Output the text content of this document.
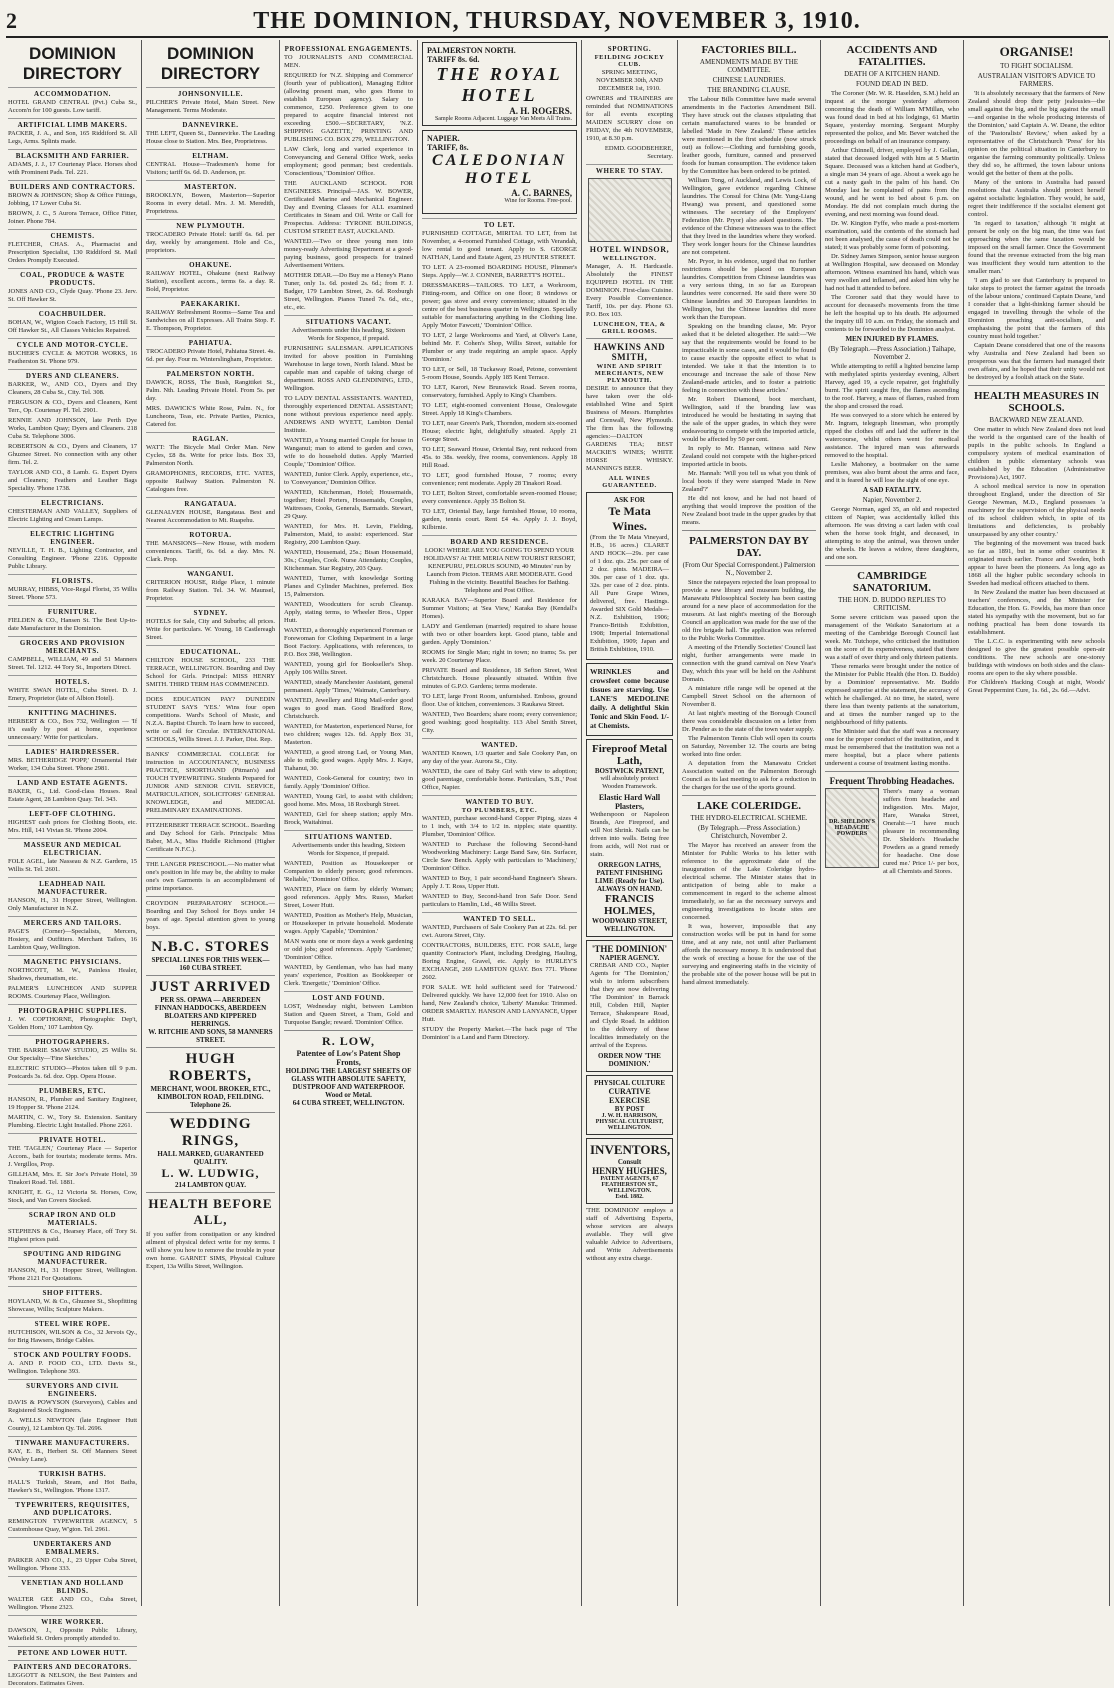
2	THE DOMINION, THURSDAY, NOVEMBER 3, 1910.
DOMINION DIRECTORY
ACCOMMODATION.

HOTEL GRAND CENTRAL (Pvt.) Cuba St., Accom'n for 100 guests. Low tariff.

ARTIFICIAL LIMB MAKERS.

PACKER, J. A., and Son, 165 Riddiford St. All Legs, Arms. Splints made.

BLACKSMITH AND FARRIER.

ADAMS, J. J., 17 Courtenay Place. Horses shod with Prominent Pads. Tel. 221.

BUILDERS AND CONTRACTORS.

BROWN & JOHNSON; Shop & Office Fittings, Jobbing, 17 Lower Cuba St.

BROWN, J. C., 5 Aurora Terrace, Office Fitter, Joiner. Phone 784.

CHEMISTS.

FLETCHER, CHAS. A., Pharmacist and Prescription Specialist, 130 Riddiford St. Mail Orders Promptly Executed.

COAL, PRODUCE & WASTE PRODUCTS.

JONES AND CO., Clyde Quay. 'Phone 23. Jerv. St. Off Hawker St.

COACHBUILDER.

BOHAN, W., Wigton Coach Factory, 15 Hill St. Off Hawker St., All Classes Vehicles Repaired.

CYCLE AND MOTOR-CYCLE.

BUCHER'S CYCLE & MOTOR WORKS, 16 Featherston St. 'Phone 979.

DYERS AND CLEANERS.

BARKER, W., AND CO., Dyers and Dry Cleaners, 28 Cuba St., City. Tel. 308.

FERGUSON & CO., Dyers and Cleaners, Kent Terr., Op. Courtenay Pl. Tel. 2901.

RENNIE AND JOHNSON, late Perth Dye Works, Lambton Quay; Dyers and Cleaners. 218 Cuba St. Telephone 3006.

ROBERTSON & CO., Dyers and Cleaners, 17 Ghuznee Street. No connection with any other firm. Tel. 2.

TAYLOR AND CO., 8 Lamb. G. Expert Dyers and Cleaners; Feathers and Leather Bags Speciality. 'Phone 1738.

ELECTRICIANS.

CHESTERMAN AND VALLEY, Suppliers of Electric Lighting and Cream Lamps.

ELECTRIC LIGHTING ENGINEER.

NEVILLE, T. H. B., Lighting Contractor, and Consulting Engineer. 'Phone 2216. Opposite Public Library.

FLORISTS.

MURRAY, HIBBS, Vice-Regal Florist, 35 Willis Street. 'Phone 573.

FURNITURE.

FIELDEN & CO., Hansen St. The Best Up-to-date Manufacturer in the Dominion.

GROCERS AND PROVISION MERCHANTS.

CAMPBELL, WILLIAM, 49 and 51 Manners Street. Tel. 1212. 44 Tory St., Importers Direct.

HOTELS.

WHITE SWAN HOTEL, Cuba Street. D. J. Emery, Proprietor (late of Albion Hotel).

KNITTING MACHINES.

HERBERT & CO., Box 732, Wellington — 'If it's easily by post at home, experience unnecessary.' Write for particulars.

LADIES' HAIRDRESSER.

MRS. BETHERIDGE 'POPP,' Ornamental Hair Worker, 134 Cuba Street. 'Phone 2981.

LAND AND ESTATE AGENTS.

BAKER, G., Ltd. Good-class Houses. Real Estate Agent, 28 Lambton Quay. Tel. 343.

LEFT-OFF CLOTHING.

HIGHEST cash prices for Clothing Boots, etc. Mrs. Hill, 141 Vivian St. 'Phone 2004.

MASSEUR AND MEDICAL ELECTRICIAN.

FOLE AGEL, late Nasseau & N.Z. Gardens, 15 Willis St. Tel. 2601.

LEADHEAD NAIL MANUFACTURER.

HANSON, H., 31 Hopper Street, Wellington. Only Manufacturer in N.Z.

MERCERS AND TAILORS.

PAGE'S (Corner)—Specialists, Mercers, Hosiery, and Outfitters. Merchant Tailors, 16 Lambton Quay, Wellington.

MAGNETIC PHYSICIANS.

NORTHCOTT, M. W., Painless Healer, Shadows, rheumatism, etc.

PALMER'S LUNCHEON AND SUPPER ROOMS. Courtenay Place, Wellington.

PHOTOGRAPHIC SUPPLIES.

J. W. COPTHORNE, Photographic Dep't, 'Golden Horn,' 107 Lambton Qy.

PHOTOGRAPHERS.

THE BARRIE SMAW STUDIO, 25 Willis St. Our Specialty—'Fine Sketches.'

ELECTRIC STUDIO—Photos taken till 9 p.m. Postcards 3s. 6d. doz. Opp. Opera House.

PLUMBERS, ETC.

HANSON, R., Plumber and Sanitary Engineer, 19 Hopper St. 'Phone 2124.

MARTIN, C. W., Tory St. Extension. Sanitary Plumbing. Electric Light Installed. Phone 2261.

PRIVATE HOTEL.

THE 'TAGLEN,' Courtenay Place — Superior Accom., bath for tourists; moderate terms. Mrs. J. Vergillos, Prop.

GILLHAM, Mrs. E. Sir Joe's Private Hotel, 39 Tinakori Road. Tel. 1881.

KNIGHT, E. G., 12 Victoria St. Horses, Cow, Stock, and Van Covers Stocked.

SCRAP IRON AND OLD MATERIALS.

STEPHENS & Co., Hearsey Place, off Tory St. Highest prices paid.

SPOUTING AND RIDGING MANUFACTURER.

HANSON, H., 31 Hopper Street, Wellington. 'Phone 2121 For Quotations.

SHOP FITTERS.

HOYLAND, W. & Co., Ghuznee St., Shopfitting Showcase, Willis; Sculpture Makers.

STEEL WIRE ROPE.

HUTCHISON, WILSON & Co., 32 Jervois Qy., for Brig Hawsers, Bridge Cables.

STOCK AND POULTRY FOODS.

A. AND P. FOOD CO., LTD. Davis St., Wellington. Telephone 393.

SURVEYORS AND CIVIL ENGINEERS.

DAVIS & POWYSON (Surveyors), Cables and Registered Stock Engineers.

A. WELLS NEWTON (late Engineer Hutt County), 12 Lambton Qy. Tel. 2696.

TINWARE MANUFACTURERS.

KAY, E. B., Herbert St. Off Manners Street (Wesley Lane).

TURKISH BATHS.

HALL'S Turkish, Steam, and Hot Baths, Hawker's St., Wellington. 'Phone 1317.

TYPEWRITERS, REQUISITES, AND DUPLICATORS.

REMINGTON TYPEWRITER AGENCY, 5 Customhouse Quay, W'gton. Tel. 2961.

UNDERTAKERS AND EMBALMERS.

PARKER AND CO., J., 23 Upper Cuba Street, Wellington. 'Phone 333.

VENETIAN AND HOLLAND BLINDS.

WALTER GEE AND CO., Cuba Street, Wellington. 'Phone 2323.

WIRE WORKER.

DAWSON, J., Opposite Public Library, Wakefield St. Orders promptly attended to.

PETONE AND LOWER HUTT.
PAINTERS AND DECORATORS.

LEGGOTT & NELSON, the Best Painters and Decorators. Estimates Given.

DOMINION DIRECTORY
JOHNSONVILLE.

PILCHER'S Private Hotel, Main Street. New Management. Terms Moderate.

DANNEVIRKE.

THE LEFT, Queen St., Dannevirke. The Leading House close to Station. Mrs. Bee, Proprietress.

ELTHAM.

CENTRAL House—Tradesmen's home for Visitors; tariff 6s. 6d. D. Anderson, pr.

MASTERTON.

BROOKLYN, Bowen, Masterton—Superior Rooms in every detail. Mrs. J. M. Meredith, Proprietress.

NEW PLYMOUTH.

TROCADERO Private Hotel: tariff 6s. 6d. per day, weekly by arrangement. Hole and Co., proprietors.

OHAKUNE.

RAILWAY HOTEL, Ohakune (next Railway Station), excellent accom., terms 6s. a day. R. Bold, Proprietor.

PAEKAKARIKI.

RAILWAY Refreshment Rooms—Same Tea and Sandwiches on all Expresses. All Trains Stop. F. E. Thompson, Proprietor.

PAHIATUA.

TROCADERO Private Hotel, Pahiatua Street. 4s. 6d. per day. Four m. Winterslingham, Proprietor.

PALMERSTON NORTH.

DAWICK, ROSS, The Bush, Rangitikei St., Palm. Nth. Leading Private Hotel. From 5s. per day.

MRS. DAWICK'S White Rose, Palm. N., for Luncheons, Teas, etc. Private Parties, Picnics, Catered for.

RAGLAN.

WATT: The Bicycle Mail Order Man. New Cycles, £8 8s. Write for price lists. Box 33, Palmerston North.

GRAMOPHONES, RECORDS, ETC. YATES, opposite Railway Station. Palmerston N. Catalogues free.

RANGATAUA.

GLENALVEN HOUSE, Rangataua. Best and Nearest Accommodation to Mt. Ruapehu.

ROTORUA.

THE MANSIONS—New House, with modern conveniences. Tariff, 6s. 6d. a day. Mrs. N. Clark. Prop.

WANGANUI.

CRITERION HOUSE, Ridge Place, 1 minute from Railway Station. Tel. 34. W. Maunsel, Proprietor.

SYDNEY.

HOTELS for Sale, City and Suburbs; all prices. Write for particulars. W. Young, 18 Castlereagh Street.

EDUCATIONAL.

CHILTON HOUSE SCHOOL, 233 THE TERRACE, WELLINGTON. Boarding and Day School for Girls. Principal: MISS HENRY SMITH. THIRD TERM HAS COMMENCED.

DOES EDUCATION PAY? DUNEDIN STUDENT SAYS 'YES.' Wins four open competitions. Ward's School of Music, and N.Z.A. Baptist Church. To learn how to succeed, write or call for Circular. INTERNATIONAL SCHOOLS, Willis Street. J. J. Parker, Dist. Rep.

BANKS' COMMERCIAL COLLEGE for instruction in ACCOUNTANCY, BUSINESS PRACTICE, SHORTHAND (Pitman's) and TOUCH TYPEWRITING. Students Prepared for JUNIOR AND SENIOR CIVIL SERVICE, MATRICULATION, SOLICITORS' GENERAL KNOWLEDGE, and MEDICAL PRELIMINARY EXAMINATIONS.

FITZHERBERT TERRACE SCHOOL. Boarding and Day School for Girls. Principals: Miss Baber, M.A., Miss Huddle Richmond (Higher Certificate N.F.C.).

THE LANGER PRESCHOOL.—No matter what one's position in life may be, the ability to make one's own Garments is an accomplishment of prime importance.

CROYDON PREPARATORY SCHOOL.—Boarding and Day School for Boys under 14 years of age. Special attention given to young boys.

N.B.C. STORES
SPECIAL LINES FOR THIS WEEK—
160 CUBA STREET.
JUST ARRIVED
PER SS. OPAWA — ABERDEEN FINNAN HADDOCKS, ABERDEEN BLOATERS AND KIPPERED HERRINGS.
W. RITCHIE AND SONS, 58 MANNERS STREET.
HUGH ROBERTS,
MERCHANT, WOOL BROKER, ETC., KIMBOLTON ROAD, FEILDING.
Telephone 26.
WEDDING RINGS,
HALL MARKED, GUARANTEED QUALITY.
L. W. LUDWIG,
214 LAMBTON QUAY.
HEALTH BEFORE ALL,

If you suffer from constipation or any kindred ailment of physical defect write for my terms. I will show you how to remove the trouble in your own home. GARNET SIMS, Physical Culture Expert, 13a Willis Street, Wellington.

PROFESSIONAL ENGAGEMENTS.

TO JOURNALISTS AND COMMERCIAL MEN.

REQUIRED for 'N.Z. Shipping and Commerce' (fourth year of publication), Managing Editor (allowing present man, who goes Home to establish European agency). Salary to commence, £250. Preference given to one prepared to acquire financial interest not exceeding £500.—SECRETARY, 'N.Z. SHIPPING GAZETTE,' PRINTING AND PUBLISHING CO. BOX 279, WELLINGTON.

LAW Clerk, long and varied experience in Conveyancing and General Office Work, seeks employment; good penman; best credentials. 'Conscientious,' 'Dominion' Office.

THE AUCKLAND SCHOOL FOR ENGINEERS. Principal—JAS. W. BOWER, Certificated Marine and Mechanical Engineer. Day and Evening Classes for ALL examined Certificates in Steam and Oil. Write or Call for Prospectus. Address: TYRONE BUILDINGS, CUSTOM STREET EAST, AUCKLAND.

WANTED.—Two or three young men into money-ready Advertising Department at a good-paying business, good prospects for trained Advertisement Writers.

MOTHER DEAR.—Do Buy me a Heney's Piano Tuner, only 1s. 6d. posted 2s. 6d.; from F. J. Badger, 179 Lambton Street, 2s. 6d. Roxburgh Street, Wellington. Pianos Tuned 7s. 6d., etc., etc., etc.

SITUATIONS VACANT.

Advertisements under this heading, Sixteen Words for Sixpence, if prepaid.

FURNISHING SALESMAN. APPLICATIONS invited for above position in Furnishing Warehouse in large town, North Island. Must be capable man and capable of taking charge of department. ROSS AND GLENDINING, LTD., Wellington.

TO LADY DENTAL ASSISTANTS. WANTED, thoroughly experienced DENTAL ASSISTANT; none without previous experience need apply. ANDREWS AND WYETT, Lambton Dental Institute.

WANTED, a Young married Couple for house in Wanganui; man to attend to garden and cows, wife to do household duties. Apply 'Married Couple,' 'Dominion' Office.

WANTED, Junior Clerk. Apply, experience, etc., to 'Conveyancer,' Dominion Office.

WANTED, Kitchenman, Hotel; Housemaids, together; Hotel Porters, Housemaids, Couples, Waitresses, Cooks, Generals, Barmaids. Stewart, 29 Quay.

WANTED, for Mrs. H. Levin, Fielding, Palmerston, Maid, to assist: experienced. Star Registry, 200 Lambton Quay.

WANTED, Housemaid, 25s.; Bisan Housemaid, 30s.; Couples, Cook. Nurse Attendants; Couples, Kitchenman. Star Registry, 203 Quay.

WANTED, Turner, with knowledge Sorting Planes and Cylinder Machines, preferred. Box 15, Palmerston.

WANTED, Woodcutters for scrub Cleanup. Apply, stating terms, to Wheeler Bros., Upper Hutt.

WANTED, a thoroughly experienced Foreman or Forewoman for Clothing Department in a large Boot Factory. Applications, with references, to P.O. Box 398, Wellington.

WANTED, young girl for Bookseller's Shop. Apply 106 Willis Street.

WANTED, steady Manchester Assistant, general permanent. Apply 'Times,' Waimate, Canterbury.

WANTED, Jewellery and Ring Mail-order good wages to good man. Good Bradford Row, Christchurch.

WANTED, for Masterton, experienced Nurse, for two children; wages 12s. 6d. Apply Box 31, Masterton.

WANTED, a good strong Lad, or Young Man, able to milk; good wages. Apply Mrs. J. Kaye, Tiahanui, 30.

WANTED, Cook-General for country; two in family. Apply 'Dominion' Office.

WANTED, Young Girl, to assist with children; good home. Mrs. Moss, 18 Roxburgh Street.

WANTED, Girl for sheep station; apply Mrs. Brock, Waitahinui.

SITUATIONS WANTED.

Advertisements under this heading, Sixteen Words for Sixpence, if prepaid.

WANTED, Position as Housekeeper or Companion to elderly person; good references. 'Reliable,' 'Dominion' Office.

WANTED, Place on farm by elderly Woman; good references. Apply Mrs. Russo, Market Street, Lower Hutt.

WANTED, Position as Mother's Help, Musician, or Housekeeper in private household. Moderate wages. Apply 'Capable,' 'Dominion.'

MAN wants one or more days a week gardening or odd jobs; good references. Apply 'Gardener,' 'Dominion' Office.

WANTED, by Gentleman, who has had many years' experience, Position as Bookkeeper or Clerk. 'Energetic,' 'Dominion' Office.

LOST AND FOUND.

LOST, Wednesday night, between Lambton Station and Queen Street, a Tram, Gold and Turquoise Bangle; reward. 'Dominion' Office.

R. LOW,
Patentee of Low's Patent Shop Fronts,
HOLDING THE LARGEST SHEETS OF GLASS WITH ABSOLUTE SAFETY, DUSTPROOF AND WATERPROOF. Wood or Metal.
64 CUBA STREET, WELLINGTON.
PALMERSTON NORTH.
TARIFF 8s. 6d.
THE ROYAL HOTEL
A. H. ROGERS.
Sample Rooms Adjacent. Luggage Van Meets All Trains.
NAPIER.
TARIFF, 8s.
CALEDONIAN HOTEL
A. C. BARNES,
Wine for Rooms. Free-pool.
TO LET.

FURNISHED COTTAGE, MIRITAI. TO LET, from 1st November, a 4-roomed Furnished Cottage, with Verandah, low rental to good tenant. Apply to S. GEORGE NATHAN, Land and Estate Agent, 23 HUNTER STREET.

TO LET. A 23-roomed BOARDING HOUSE, Plimmer's Steps. Apply—W. J. CONNER, BARRETT'S HOTEL.

DRESSMAKERS—TAILORS. TO LET, a Workroom, Fitting-room, and Office on one floor; 8 windows or power; gas stove and every convenience; situated in the centre of the best business quarter in Wellington. Specially suitable for manufacturing anything in the Clothing line. Apply 'Motor Fawcett,' 'Dominion' Office.

TO LET, 2 large Workrooms and Yard, at Oliver's Lane, behind Mr. F. Cohen's Shop, Willis Street, suitable for Plumber or any trade requiring an ample space. Apply 'Dominion.'

TO LET, or Sell, 18 Tuckaway Road, Petone, convenient 5-room House, Sounds. Apply 185 Kent Terrace.

TO LET, Karori, New Brunswick Road. Seven rooms, conservatory, furnished. Apply to King's Chambers.

TO LET, eight-roomed convenient House, Onslowgate Street. Apply 18 King's Chambers.

TO LET, near Green's Park, Thorndon, modern six-roomed House; electric light, delightfully situated. Apply 21 George Street.

TO LET, Seaward House, Oriental Bay, rent reduced from 45s. to 38s. weekly, five rooms, conveniences. Apply 18 Hill Road.

TO LET, good furnished House, 7 rooms; every convenience; rent moderate. Apply 28 Tinakori Road.

TO LET, Bolton Street, comfortable seven-roomed House; every convenience. Apply 35 Bolton St.

TO LET, Oriental Bay, large furnished House, 10 rooms, garden, tennis court. Rent £4 4s. Apply J. J. Boyd, Kilbirnie.

BOARD AND RESIDENCE.

LOOK! WHERE ARE YOU GOING TO SPEND YOUR HOLIDAYS? At THE MERIA NEW TOURIST RESORT, KENEPURU, PELORUS SOUND, 40 Minutes' run by Launch from Picton. TERMS ARE MODERATE. Good Fishing in the vicinity. Beautiful Beaches for Bathing. Telephone and Post Office.

KARAKA BAY—Superior Board and Residence for Summer Visitors; at 'Sea View,' Karaka Bay (Kendall's Homes).

LADY and Gentleman (married) required to share house with two or other boarders kept. Good piano, table and garden. Apply 'Dominion.'

ROOMS for Single Man; right in town; no trams; 5s. per week. 20 Courtenay Place.

PRIVATE Board and Residence, 18 Sefton Street, West Christchurch. House pleasantly situated. Within five minutes of G.P.O. Gardens; terms moderate.

TO LET, large Front Room, unfurnished. Emboss, ground floor. Use of kitchen, conveniences. 3 Raukawa Street.

WANTED, Two Boarders; share room; every convenience; good washing; good hospitality. 113 Abel Smith Street, City.

WANTED.

WANTED Known, 1/3 quarter and Sale Cookery Pan, on any day of the year. Aurora St., City.

WANTED, the care of Baby Girl with view to adoption; good parentage, comfortable home. Particulars, 'S.B.,' Post Office, Napier.

WANTED TO BUY.
TO PLUMBERS, ETC.

WANTED, purchase second-hand Copper Piping, sizes 4 to 1 inch, with 3/4 to 1/2 in. nipples; state quantity. Plumber, 'Dominion' Office.

WANTED to Purchase the following Second-hand Woodworking Machinery: Large Band Saw, 6in. Surfacer, Circle Saw Bench. Apply with particulars to 'Machinery,' 'Dominion' Office.

WANTED to Buy, 1 pair second-hand Engineer's Shears. Apply J. T. Ross, Upper Hutt.

WANTED to Buy, Second-hand Iron Safe Door. Send particulars to Hamlin, Ltd., 48 Willis Street.

WANTED TO SELL.

WANTED, Purchasers of Sale Cookery Pan at 22s. 6d. per cwt. Aurora Street, City.

CONTRACTORS, BUILDERS, ETC. FOR SALE, large quantity Contractor's Plant, including Dredging, Hauling, Boring Engine, Gravel, etc. Apply to HURLEY'S EXCHANGE, 269 LAMBTON QUAY. Box 771. 'Phone 2602.

FOR SALE. WE hold sufficient seed for 'Fairwood.' Delivered quickly. We have 12,000 feet for 1910. Also on hand, New Zealand's choice, 'Liberty' Manuka: Trimmed. ORDER SMARTLY. HANSON AND LANYANCE, Upper Hutt.

STUDY the Property Market.—The back page of 'The Dominion' is a Land and Farm Directory.

SPORTING.
FEILDING JOCKEY CLUB.

SPRING MEETING, NOVEMBER 30th, AND DECEMBER 1st, 1910.

OWNERS and TRAINERS are reminded that NOMINATIONS for all events excepting MAIDEN SCURRY close on FRIDAY, the 4th NOVEMBER, 1910, at 8.30 p.m.

EDMD. GOODBEHERE, Secretary.

WHERE TO STAY.
HOTEL WINDSOR,
WELLINGTON.

Manager, A. H. Hardcastle. Absolutely the FINEST EQUIPPED HOTEL IN THE DOMINION. First-class Cuisine. Every Possible Convenience. Tariff, 10s. per day. Phone 63. P.O. Box 103.

LUNCHEON, TEA, & GRILL ROOMS.
HAWKINS AND SMITH,
WINE AND SPIRIT MERCHANTS, NEW PLYMOUTH.

DESIRE to announce that they have taken over the old-established Wine and Spirit Business of Messrs. Humphries and Cornwall, New Plymouth. The firm has the following agencies:—DALTON GARDENS TEA; BEST MACKIE'S WINES; WHITE HORSE WHISKY. MANNING'S BEER.

ALL WINES GUARANTEED.
ASK FOR
Te Mata Wines.

(From the Te Mata Vineyard, H.B., 16 acres.) CLARET AND HOCK—29s. per case of 1 doz. qts. 25s. per case of 2 doz. pints. MADEIRA—30s. per case of 1 doz. qts. 32s. per case of 2 doz. pints. All Pure Grape Wines, delivered, free. Hastings. Awarded SIX Gold Medals—N.Z. Exhibition, 1906; Franco-British Exhibition, 1908; Imperial International Exhibition, 1909; Japan and British Exhibition, 1910.

WRINKLES and crowsfeet come because tissues are starving. Use LANE'S MEDOLINE daily. A delightful Skin Tonic and Skin Food. 1/- at Chemists.

Fireproof Metal Lath,
BOSTWICK PATENT,

will absolutely protect Wooden Framework.

Elastic Hard Wall Plasters,

Wetherspoon or Napoleon Brands, Are Fireproof, and will Not Shrink. Nails can be driven into walls. Being free from acids, will Not rust or stain.

ORREGON LATHS, PATENT FINISHING LIME (Ready for Use).
ALWAYS ON HAND.
FRANCIS HOLMES,
WOODWARD STREET, WELLINGTON.
'THE DOMINION'
NAPIER AGENCY.

CREBAR AND CO., Napier Agents for 'The Dominion,' wish to inform subscribers that they are now delivering 'The Dominion' in Barrack Hill, Cobden Hill, Napier Terrace, Shakespeare Road, and Clyde Road. In addition to the delivery of these localities immediately on the arrival of the Express.

ORDER NOW 'THE DOMINION.'
PHYSICAL CULTURE
CURATIVE EXERCISE
BY POST
J. W. H. HARRISON, PHYSICAL CULTURIST, WELLINGTON.
INVENTORS,
Consult
HENRY HUGHES,
PATENT AGENTS, 67 FEATHERSTON ST., WELLINGTON.
Estd. 1882.

'THE DOMINION' employs a staff of Advertising Experts, whose services are always available. They will give valuable Advice to Advertisers, and Write Advertisements without any extra charge.

FACTORIES BILL.
AMENDMENTS MADE BY THE COMMITTEE.
CHINESE LAUNDRIES.
THE BRANDING CLAUSE.

The Labour Bills Committee have made several amendments in the Factories Amendment Bill. They have struck out the clauses stipulating that certain manufactured wares to be branded or labelled 'Made in New Zealand.' These articles were mentioned in the first schedule (now struck out) as follow:—Clothing and furnishing goods, leather goods, furniture, canned and preserved foods for human consumption. The evidence taken by the Committee has been ordered to be printed.

William Tong, of Auckland, and Lewis Lock, of Wellington, gave evidence regarding Chinese laundries. The Consul for China (Mr. Yung-Liang Hwang) was present, and questioned some witnesses. The secretary of the Employers' Federation (Mr. Pryor) also asked questions. The evidence of the Chinese witnesses was to the effect that they lived in the laundries where they worked. They work longer hours for the Chinese laundries are not competent.

Mr. Pryor, in his evidence, urged that no further restrictions should be placed on European laundries. Competition from Chinese laundries was a very serious thing, in so far as European laundries were concerned. He said there were 30 Chinese laundries and 30 European laundries in Wellington, but the Chinese laundries did more work than the European.

Speaking on the branding clause, Mr. Pryor asked that it be deleted altogether. He said:—'We say that the requirements would be found to be impracticable in some cases, and it would be found to cause exactly the opposite effect to what is intended. We take it that the intention is to encourage and increase the sale of those New Zealand-made articles, and to foster a patriotic feeling in connection with these articles.'

Mr. Robert Diamond, boot merchant, Wellington, said if the branding law was introduced he would be hesitating in saying that the sale of the upper grades, in which they were endeavouring to compete with the imported article, would be affected by 50 per cent.

In reply to Mr. Hannan, witness said New Zealand could not compete with the higher-priced imported article in boots.

Mr. Hannah: 'Will you tell us what you think of local boots if they were stamped 'Made in New Zealand'?'

He did not know, and he had not heard of anything that would improve the position of the New Zealand boot trade in the upper grades by that means.

PALMERSTON DAY BY DAY.
(From Our Special Correspondent.) Palmerston N., November 2.

Since the ratepayers rejected the loan proposal to provide a new library and museum building, the Manawatu Philosophical Society has been casting around for a new place of accommodation for the museum. At last night's meeting of the Borough Council an application was made for the use of the old fire brigade hall. The application was referred to the Public Works Committee.

A meeting of the Friendly Societies' Council last night, further arrangements were made in connection with the grand carnival on New Year's Day, which this year will be held on the Ashhurst Domain.

A miniature rifle range will be opened at the Campbell Street School on the afternoon of November 8.

At last night's meeting of the Borough Council there was considerable discussion on a letter from Dr. Pender as to the state of the town water supply.

The Palmerston Tennis Club will open its courts on Saturday, November 12. The courts are being worked into fine order.

A deputation from the Manawatu Cricket Association waited on the Palmerston Borough Council as its last meeting to ask for a reduction in the charges for the use of the sports ground.

LAKE COLERIDGE.
THE HYDRO-ELECTRICAL SCHEME.
(By Telegraph.—Press Association.) Christchurch, November 2.

The Mayor has received an answer from the Minister for Public Works to his letter with reference to the approximate date of the inauguration of the Lake Coleridge hydro-electrical scheme. The Minister states that in anticipation of being able to make a commencement in regard to the scheme almost immediately, so far as the necessary surveys and engineering investigations to locate sites are concerned.

It was, however, impossible that any construction works will be put in hand for some time, and at any rate, not until after Parliament affords the necessary money. It is understood that the work of erecting a house for the use of the surveying and engineering staffs in the vicinity of the probable site of the power house will be put in hand almost immediately.

ACCIDENTS AND FATALITIES.
DEATH OF A KITCHEN HAND.
FOUND DEAD IN BED.

The Coroner (Mr. W. R. Haselden, S.M.) held an inquest at the morgue yesterday afternoon concerning the death of William M'Millan, who was found dead in bed at his lodgings, 61 Martin Square, yesterday morning. Sergeant Murphy represented the police, and Mr. Bever watched the proceedings on behalf of an insurance company.

Arthur Chinnell, driver, employed by J. Gollan, stated that deceased lodged with him at 5 Martin Square. Deceased was a kitchen hand at Godber's, a single man 34 years of age. About a week ago he cut a nasty gash in the palm of his hand. On Monday last he complained of pains from the wound, and he went to bed about 6 p.m. on Monday. He did not complain much during the evening, and next morning was found dead.

Dr. W. Kington Fyffe, who made a post-mortem examination, said the contents of the stomach had not been analysed, the cause of death could not be stated; it was probably some form of poisoning.

Dr. Sidney James Simpson, senior house surgeon at Wellington Hospital, saw deceased on Monday afternoon. Witness examined his hand, which was very swollen and inflamed, and asked him why he had not had it attended to before.

The Coroner said that they would have to account for deceased's movements from the time he left the hospital up to his death. He adjourned the inquiry till 10 a.m. on Friday, the stomach and contents to be forwarded to the Dominion analyst.

MEN INJURED BY FLAMES.
(By Telegraph.—Press Association.) Taihape, November 2.

While attempting to refill a lighted benzine lamp with methylated spirits yesterday evening, Albert Harvey, aged 19, a cycle repairer, got frightfully burnt. The spirit caught fire, the flames ascending to the roof. Harvey, a mass of flames, rushed from the shop and crossed the road.

He was conveyed to a store which he entered by Mr. Ingram, telegraph linesman, who promptly ripped the clothes off and laid the sufferer in the watercourse, whilst others went for medical assistance. The injured man was afterwards removed to the hospital.

Leslie Mahoney, a bootmaker on the same premises, was also burnt about the arms and face, and it is feared he will lose the sight of one eye.

A SAD FATALITY.
Napier, November 2.

George Norman, aged 35, an old and respected citizen of Napier, was accidentally killed this afternoon. He was driving a cart laden with coal when the horse took fright, and deceased, in attempting to stop the animal, was thrown under the wheels. He leaves a widow, three daughters, and one son.

CAMBRIDGE SANATORIUM.
THE HON. D. BUDDO REPLIES TO CRITICISM.

Some severe criticism was passed upon the management of the Waikato Sanatorium at a meeting of the Cambridge Borough Council last week. Mr. Tutchope, who criticised the institution on the score of its expensiveness, stated that there was a staff of over thirty and only thirteen patients.

These remarks were brought under the notice of the Minister for Public Health (the Hon. D. Buddo) by a Dominion' representative. Mr. Buddo expressed surprise at the statement, the accuracy of which he challenged. At no time, he stated, were there less than twenty patients at the sanatorium, and at times the number ranged up to the neighbourhood of fifty patients.

The Minister said that the staff was a necessary one for the proper conduct of the institution, and it must be remembered that the institution was not a mere hospital, but a place where patients underwent a course of treatment lasting months.

Frequent Throbbing Headaches.
DR. SHELDON'S HEADACHE POWDERS

There's many a woman suffers from headache and indigestion. Mrs. Major, Hare, Wanaka Street, Onerahi:—'I have much pleasure in recommending Dr. Sheldon's Headache Powders as a grand remedy for headache. One dose cured me.' Price 1/- per box, at all Chemists and Stores.

ORGANISE!
TO FIGHT SOCIALISM.
AUSTRALIAN VISITOR'S ADVICE TO FARMERS.

'It is absolutely necessary that the farmers of New Zealand should drop their petty jealousies—the small against the big, and the big against the small—and organise in the whole producing interests of the Dominion,' said Captain A. W. Deane, the editor of the 'Pastoralists' Review,' when asked by a representative of the Christchurch 'Press' for his opinion on the political situation in Canterbury to organise the farming community politically. Unless they did so, he affirmed, the town labour unions would get the better of them at the polls.

Many of the unions in Australia had passed resolutions that Australia should protect herself against socialistic legislation. They would, he said, regret their indifference if the socialist element got control.

'In regard to taxation,' although 'it might at present be only on the big man, the time was fast approaching when the same taxation would be imposed on the small farmer. Once the Government found that the revenue extracted from the big man was insufficient they would turn attention to the smaller man.'

'I am glad to see that Canterbury is prepared to take steps to protect the farmer against the inroads of the labour unions,' continued Captain Deane, 'and I consider that a light-thinking farmer should be engaged in travelling through the whole of the Dominion preaching anti-socialism, and emphasising the point that the farmers of this country must hold together.'

Captain Deane considered that one of the reasons why Australia and New Zealand had been so prosperous was that the farmers had managed their own affairs, and he hoped that their unity would not be destroyed by a foolish attack on the State.

HEALTH MEASURES IN SCHOOLS.
BACKWARD NEW ZEALAND.

One matter in which New Zealand does not lead the world is the organised care of the health of pupils in the public schools. In England a compulsory system of medical examination of children in public elementary schools was established by the Education (Administrative Provisions) Act, 1907.

A school medical service is now in operation throughout England, under the direction of Sir George Newman, M.D., England possesses 'a machinery for the supervision of the physical needs of its school children which, in spite of its limitations and deficiencies, is probably unsurpassed by any other country.'

The beginning of the movement was traced back so far as 1891, but in some other countries it originated much earlier. France and Sweden, both appear to have been the pioneers. As long ago as 1868 all the higher public secondary schools in Sweden had medical officers attached to them.

In New Zealand the matter has been discussed at teachers' conferences, and the Minister for Education, the Hon. G. Fowlds, has more than once stated his sympathy with the movement, but so far nothing practical has been done towards its establishment.

The L.C.C. is experimenting with new schools designed to give the greatest possible open-air conditions. The new schools are one-storey buildings with windows on both sides and the class-rooms are open to the sky where possible.

For Children's Hacking Cough at night, Woods' Great Peppermint Cure, 1s. 6d., 2s. 6d.—Advt.
